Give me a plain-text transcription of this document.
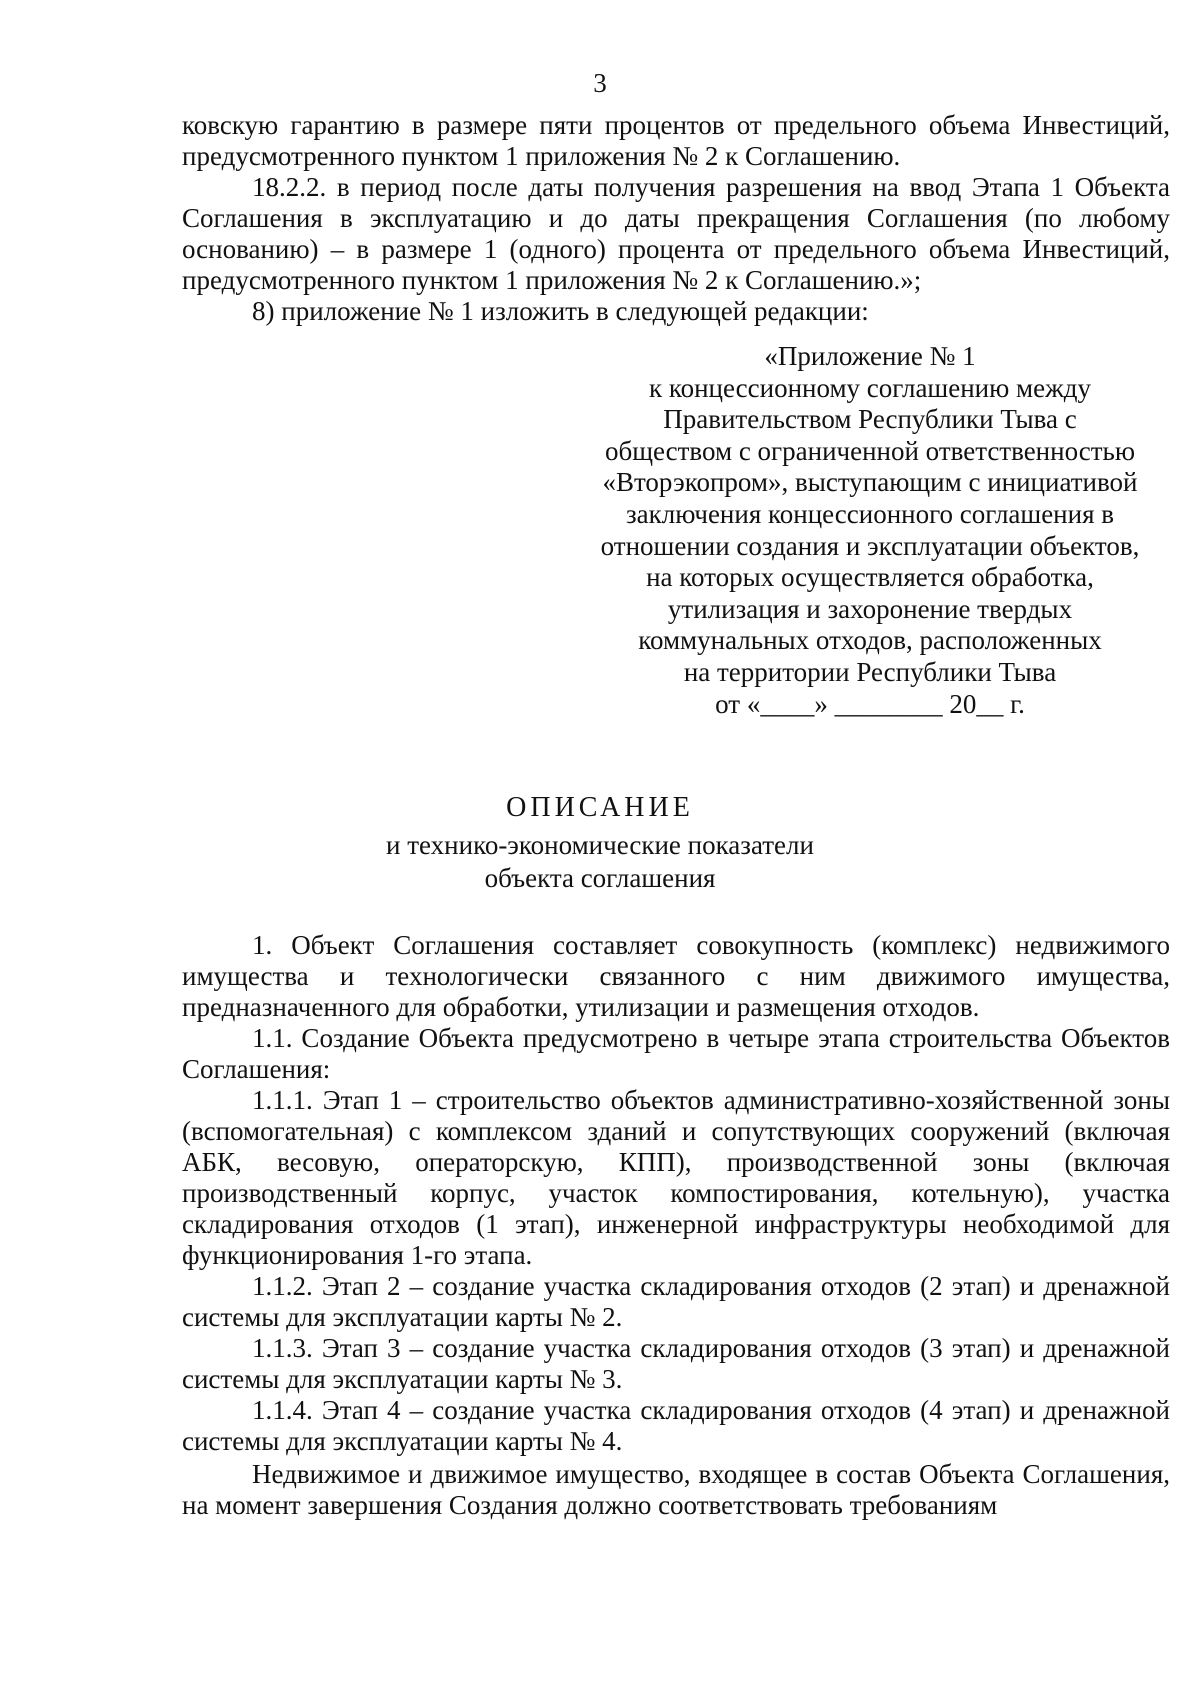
3

ковскую гарантию в размере пяти процентов от предельного объема Инвестиций, предусмотренного пунктом 1 приложения № 2 к Соглашению.

18.2.2. в период после даты получения разрешения на ввод Этапа 1 Объекта Соглашения в эксплуатацию и до даты прекращения Соглашения (по любому основанию) – в размере 1 (одного) процента от предельного объема Инвестиций, предусмотренного пунктом 1 приложения № 2 к Соглашению.»;

8) приложение № 1 изложить в следующей редакции:

«Приложение № 1
к концессионному соглашению между
Правительством Республики Тыва с
обществом с ограниченной ответственностью
«Вторэкопром», выступающим с инициативой
заключения концессионного соглашения в
отношении создания и эксплуатации объектов,
на которых осуществляется обработка,
утилизация и захоронение твердых
коммунальных отходов, расположенных
на территории Республики Тыва
от «____» ________ 20__ г.
ОПИСАНИЕ
и технико-экономические показатели
объекта соглашения

1. Объект Соглашения составляет совокупность (комплекс) недвижимого имущества и технологически связанного с ним движимого имущества, предназначенного для обработки, утилизации и размещения отходов.

1.1. Создание Объекта предусмотрено в четыре этапа строительства Объектов Соглашения:

1.1.1. Этап 1 – строительство объектов административно-хозяйственной зоны (вспомогательная) с комплексом зданий и сопутствующих сооружений (включая АБК, весовую, операторскую, КПП), производственной зоны (включая производственный корпус, участок компостирования, котельную), участка складирования отходов (1 этап), инженерной инфраструктуры необходимой для функционирования 1-го этапа.

1.1.2. Этап 2 – создание участка складирования отходов (2 этап) и дренажной системы для эксплуатации карты № 2.

1.1.3. Этап 3 – создание участка складирования отходов (3 этап) и дренажной системы для эксплуатации карты № 3.

1.1.4. Этап 4 – создание участка складирования отходов (4 этап) и дренажной системы для эксплуатации карты № 4.

Недвижимое и движимое имущество, входящее в состав Объекта Соглашения, на момент завершения Создания должно соответствовать требованиям
